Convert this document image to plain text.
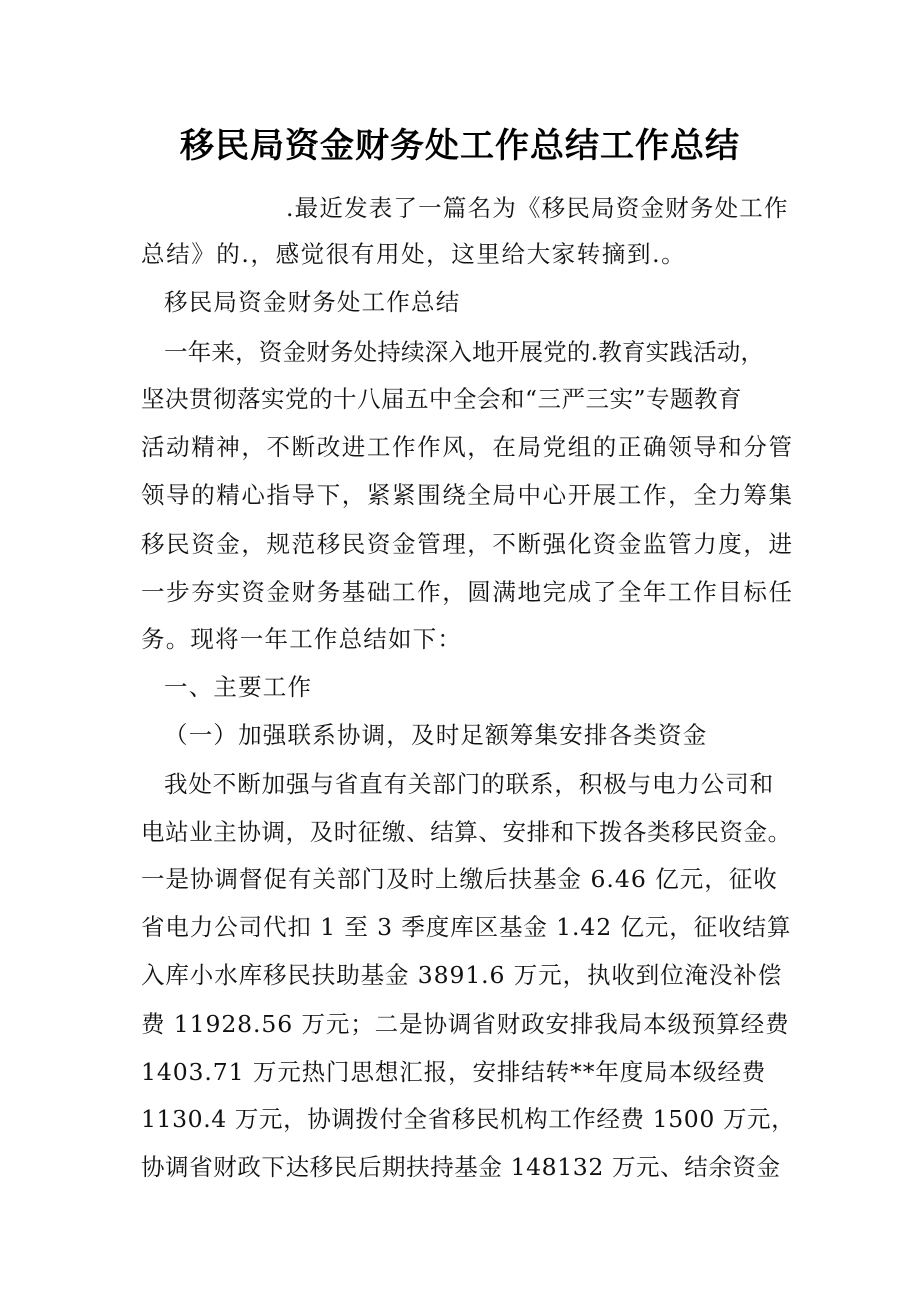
移民局资金财务处工作总结工作总结
.最近发表了一篇名为《移民局资金财务处工作
总结》的.，感觉很有用处，这里给大家转摘到.。
移民局资金财务处工作总结
一年来，资金财务处持续深入地开展党的.教育实践活动，
坚决贯彻落实党的十八届五中全会和“三严三实”专题教育
活动精神，不断改进工作作风，在局党组的正确领导和分管
领导的精心指导下，紧紧围绕全局中心开展工作，全力筹集
移民资金，规范移民资金管理，不断强化资金监管力度，进
一步夯实资金财务基础工作，圆满地完成了全年工作目标任
务。现将一年工作总结如下：
一、主要工作
（一）加强联系协调，及时足额筹集安排各类资金
我处不断加强与省直有关部门的联系，积极与电力公司和
电站业主协调，及时征缴、结算、安排和下拨各类移民资金。
一是协调督促有关部门及时上缴后扶基金 6.46 亿元，征收
省电力公司代扣 1 至 3 季度库区基金 1.42 亿元，征收结算
入库小水库移民扶助基金 3891.6 万元，执收到位淹没补偿
费 11928.56 万元；二是协调省财政安排我局本级预算经费
1403.71 万元热门思想汇报，安排结转**年度局本级经费
1130.4 万元，协调拨付全省移民机构工作经费 1500 万元，
协调省财政下达移民后期扶持基金 148132 万元、结余资金
